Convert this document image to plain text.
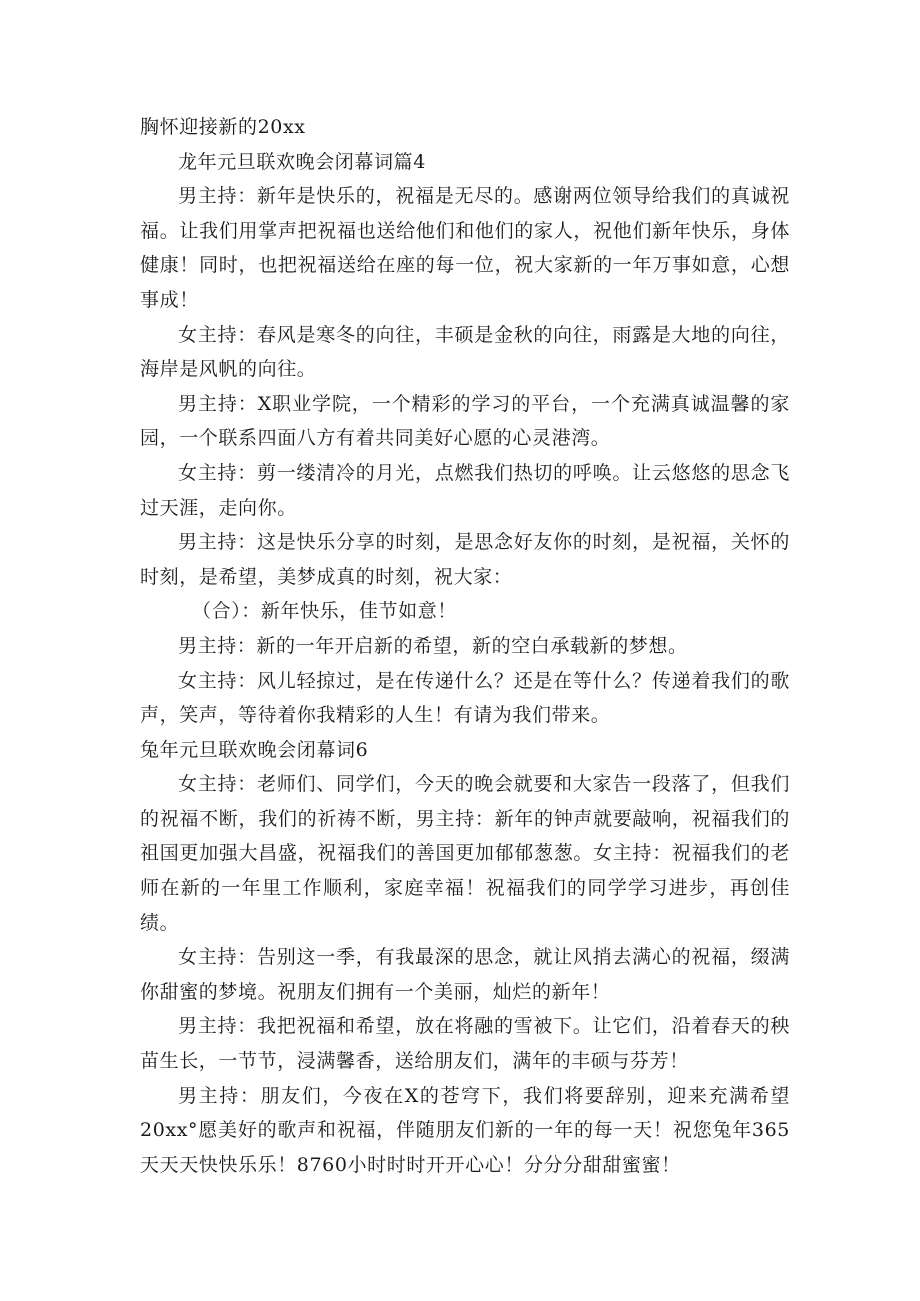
胸怀迎接新的20xx

龙年元旦联欢晚会闭幕词篇4

男主持：新年是快乐的，祝福是无尽的。感谢两位领导给我们的真诚祝福。让我们用掌声把祝福也送给他们和他们的家人，祝他们新年快乐，身体健康！同时，也把祝福送给在座的每一位，祝大家新的一年万事如意，心想事成！

女主持：春风是寒冬的向往，丰硕是金秋的向往，雨露是大地的向往，海岸是风帆的向往。

男主持：X职业学院，一个精彩的学习的平台，一个充满真诚温馨的家园，一个联系四面八方有着共同美好心愿的心灵港湾。

女主持：剪一缕清冷的月光，点燃我们热切的呼唤。让云悠悠的思念飞过天涯，走向你。

男主持：这是快乐分享的时刻，是思念好友你的时刻，是祝福，关怀的时刻，是希望，美梦成真的时刻，祝大家：

（合）：新年快乐，佳节如意！

男主持：新的一年开启新的希望，新的空白承载新的梦想。

女主持：风儿轻掠过，是在传递什么？还是在等什么？传递着我们的歌声，笑声，等待着你我精彩的人生！有请为我们带来。

兔年元旦联欢晚会闭幕词6

女主持：老师们、同学们，今天的晚会就要和大家告一段落了，但我们的祝福不断，我们的祈祷不断，男主持：新年的钟声就要敲响，祝福我们的祖国更加强大昌盛，祝福我们的善国更加郁郁葱葱。女主持：祝福我们的老师在新的一年里工作顺利，家庭幸福！祝福我们的同学学习进步，再创佳绩。

女主持：告别这一季，有我最深的思念，就让风捎去满心的祝福，缀满你甜蜜的梦境。祝朋友们拥有一个美丽，灿烂的新年！

男主持：我把祝福和希望，放在将融的雪被下。让它们，沿着春天的秧苗生长，一节节，浸满馨香，送给朋友们，满年的丰硕与芬芳！

男主持：朋友们，今夜在X的苍穹下，我们将要辞别，迎来充满希望20xx°愿美好的歌声和祝福，伴随朋友们新的一年的每一天！祝您兔年365天天天快快乐乐！8760小时时时开开心心！分分分甜甜蜜蜜！
